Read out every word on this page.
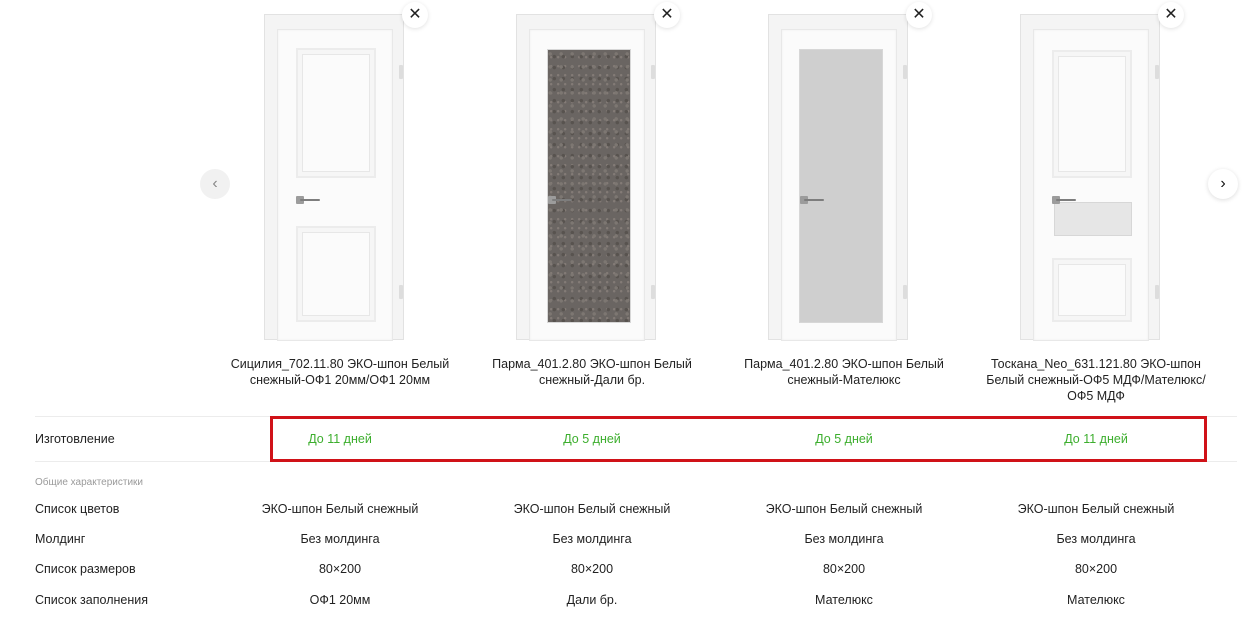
‹	›
✕
Сицилия_702.11.80 ЭКО-шпон Белый снежный-ОФ1 20мм/ОФ1 20мм
✕
Парма_401.2.80 ЭКО-шпон Белый снежный-Дали бр.
✕
Парма_401.2.80 ЭКО-шпон Белый снежный-Мателюкс
✕
Тоскана_Neo_631.121.80 ЭКО-шпон Белый снежный-ОФ5 МДФ/Мателюкс/ОФ5 МДФ
Изготовление	До 11 дней	До 5 дней	До 5 дней	До 11 дней
Общие характеристики
Список цветов	ЭКО-шпон Белый снежный	ЭКО-шпон Белый снежный	ЭКО-шпон Белый снежный	ЭКО-шпон Белый снежный
Молдинг	Без молдинга	Без молдинга	Без молдинга	Без молдинга
Список размеров	80×200	80×200	80×200	80×200
Список заполнения	ОФ1 20мм	Дали бр.	Мателюкс	Мателюкс
